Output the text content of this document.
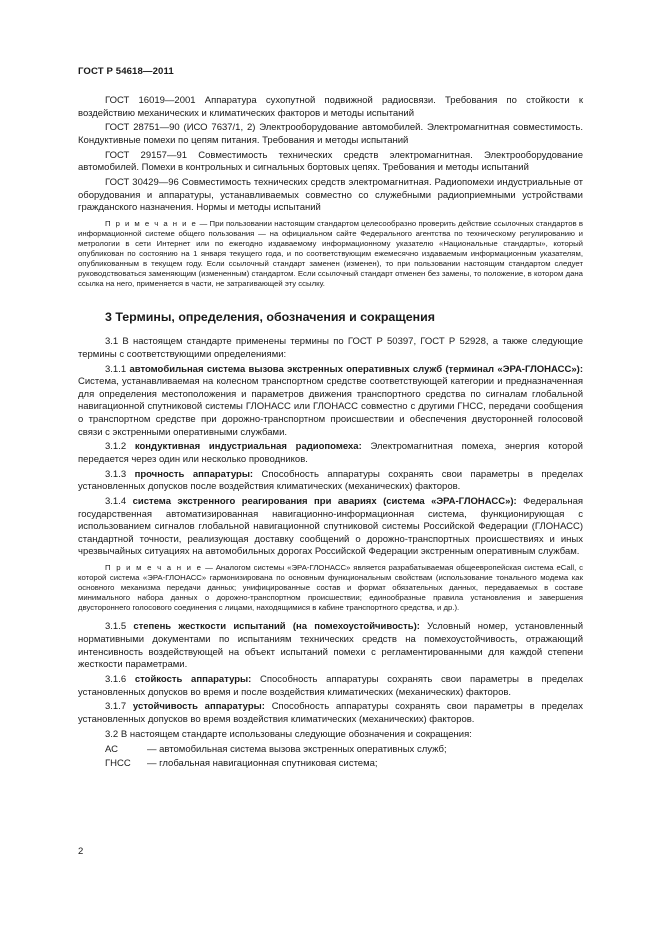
ГОСТ Р 54618—2011

ГОСТ 16019—2001 Аппаратура сухопутной подвижной радиосвязи. Требования по стойкости к воздействию механических и климатических факторов и методы испытаний

ГОСТ 28751—90 (ИСО 7637/1, 2) Электрооборудование автомобилей. Электромагнитная совместимость. Кондуктивные помехи по цепям питания. Требования и методы испытаний

ГОСТ 29157—91 Совместимость технических средств электромагнитная. Электрооборудование автомобилей. Помехи в контрольных и сигнальных бортовых цепях. Требования и методы испытаний

ГОСТ 30429—96 Совместимость технических средств электромагнитная. Радиопомехи индустриальные от оборудования и аппаратуры, устанавливаемых совместно со служебными радиоприемными устройствами гражданского назначения. Нормы и методы испытаний

П р и м е ч а н и е — При пользовании настоящим стандартом целесообразно проверить действие ссылочных стандартов в информационной системе общего пользования — на официальном сайте Федерального агентства по техническому регулированию и метрологии в сети Интернет или по ежегодно издаваемому информационному указателю «Национальные стандарты», который опубликован по состоянию на 1 января текущего года, и по соответствующим ежемесячно издаваемым информационным указателям, опубликованным в текущем году. Если ссылочный стандарт заменен (изменен), то при пользовании настоящим стандартом следует руководствоваться заменяющим (измененным) стандартом. Если ссылочный стандарт отменен без замены, то положение, в котором дана ссылка на него, применяется в части, не затрагивающей эту ссылку.

3 Термины, определения, обозначения и сокращения

3.1 В настоящем стандарте применены термины по ГОСТ Р 50397, ГОСТ Р 52928, а также следующие термины с соответствующими определениями:

3.1.1 автомобильная система вызова экстренных оперативных служб (терминал «ЭРА-ГЛОНАСС»): Система, устанавливаемая на колесном транспортном средстве соответствующей категории и предназначенная для определения местоположения и параметров движения транспортного средства по сигналам глобальной навигационной спутниковой системы ГЛОНАСС или ГЛОНАСС совместно с другими ГНСС, передачи сообщения о транспортном средстве при дорожно-транспортном происшествии и обеспечения двусторонней голосовой связи с экстренными оперативными службами.

3.1.2 кондуктивная индустриальная радиопомеха: Электромагнитная помеха, энергия которой передается через один или несколько проводников.

3.1.3 прочность аппаратуры: Способность аппаратуры сохранять свои параметры в пределах установленных допусков после воздействия климатических (механических) факторов.

3.1.4 система экстренного реагирования при авариях (система «ЭРА-ГЛОНАСС»): Федеральная государственная автоматизированная навигационно-информационная система, функционирующая с использованием сигналов глобальной навигационной спутниковой системы Российской Федерации (ГЛОНАСС) стандартной точности, реализующая доставку сообщений о дорожно-транспортных происшествиях и иных чрезвычайных ситуациях на автомобильных дорогах Российской Федерации экстренным оперативным службам.

П р и м е ч а н и е — Аналогом системы «ЭРА-ГЛОНАСС» является разрабатываемая общеевропейская система eCall, с которой система «ЭРА-ГЛОНАСС» гармонизирована по основным функциональным свойствам (использование тонального модема как основного механизма передачи данных; унифицированные состав и формат обязательных данных, передаваемых в составе минимального набора данных о дорожно-транспортном происшествии; единообразные правила установления и завершения двустороннего голосового соединения с лицами, находящимися в кабине транспортного средства, и др.).

3.1.5 степень жесткости испытаний (на помехоустойчивость): Условный номер, установленный нормативными документами по испытаниям технических средств на помехоустойчивость, отражающий интенсивность воздействующей на объект испытаний помехи с регламентированными для каждой степени жесткости параметрами.

3.1.6 стойкость аппаратуры: Способность аппаратуры сохранять свои параметры в пределах установленных допусков во время и после воздействия климатических (механических) факторов.

3.1.7 устойчивость аппаратуры: Способность аппаратуры сохранять свои параметры в пределах установленных допусков во время воздействия климатических (механических) факторов.

3.2 В настоящем стандарте использованы следующие обозначения и сокращения:

АС	— автомобильная система вызова экстренных оперативных служб;
ГНСС	— глобальная навигационная спутниковая система;
2
